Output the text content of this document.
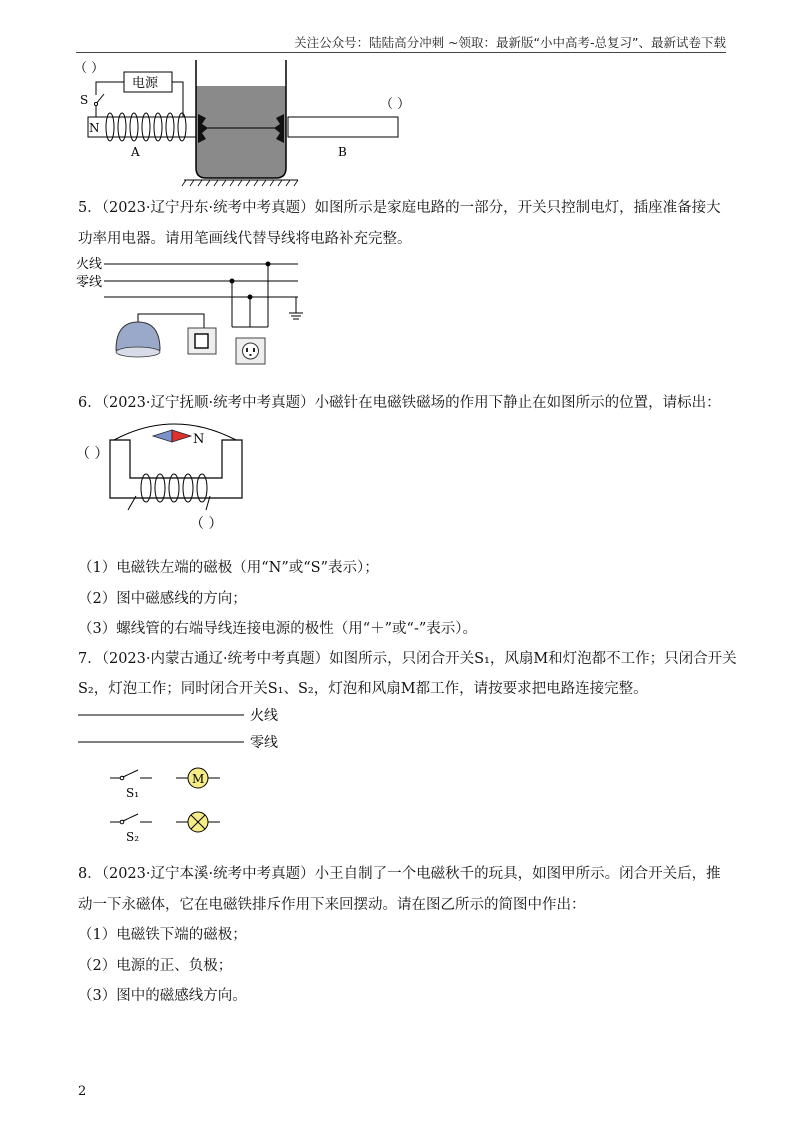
关注公众号：陆陆高分冲刺 ~领取：最新版“小中高考-总复习”、最新试卷下载
（ ）
电源
S
N
A	B
（ ）

5．（2023·辽宁丹东·统考中考真题）如图所示是家庭电路的一部分，开关只控制电灯，插座准备接大功率用电器。请用笔画线代替导线将电路补充完整。

火线
零线

6．（2023·辽宁抚顺·统考中考真题）小磁针在电磁铁磁场的作用下静止在如图所示的位置，请标出：

（ ）
N
（ ）

（1）电磁铁左端的磁极（用“N”或“S”表示）；

（2）图中磁感线的方向；

（3）螺线管的右端导线连接电源的极性（用“＋”或“-”表示）。

7．（2023·内蒙古通辽·统考中考真题）如图所示，只闭合开关S₁，风扇M和灯泡都不工作；只闭合开关

S₂，灯泡工作；同时闭合开关S₁、S₂，灯泡和风扇M都工作，请按要求把电路连接完整。

火线
零线
S₁
M
S₂

8．（2023·辽宁本溪·统考中考真题）小王自制了一个电磁秋千的玩具，如图甲所示。闭合开关后，推动一下永磁体，它在电磁铁排斥作用下来回摆动。请在图乙所示的简图中作出：

（1）电磁铁下端的磁极；

（2）电源的正、负极；

（3）图中的磁感线方向。

2
